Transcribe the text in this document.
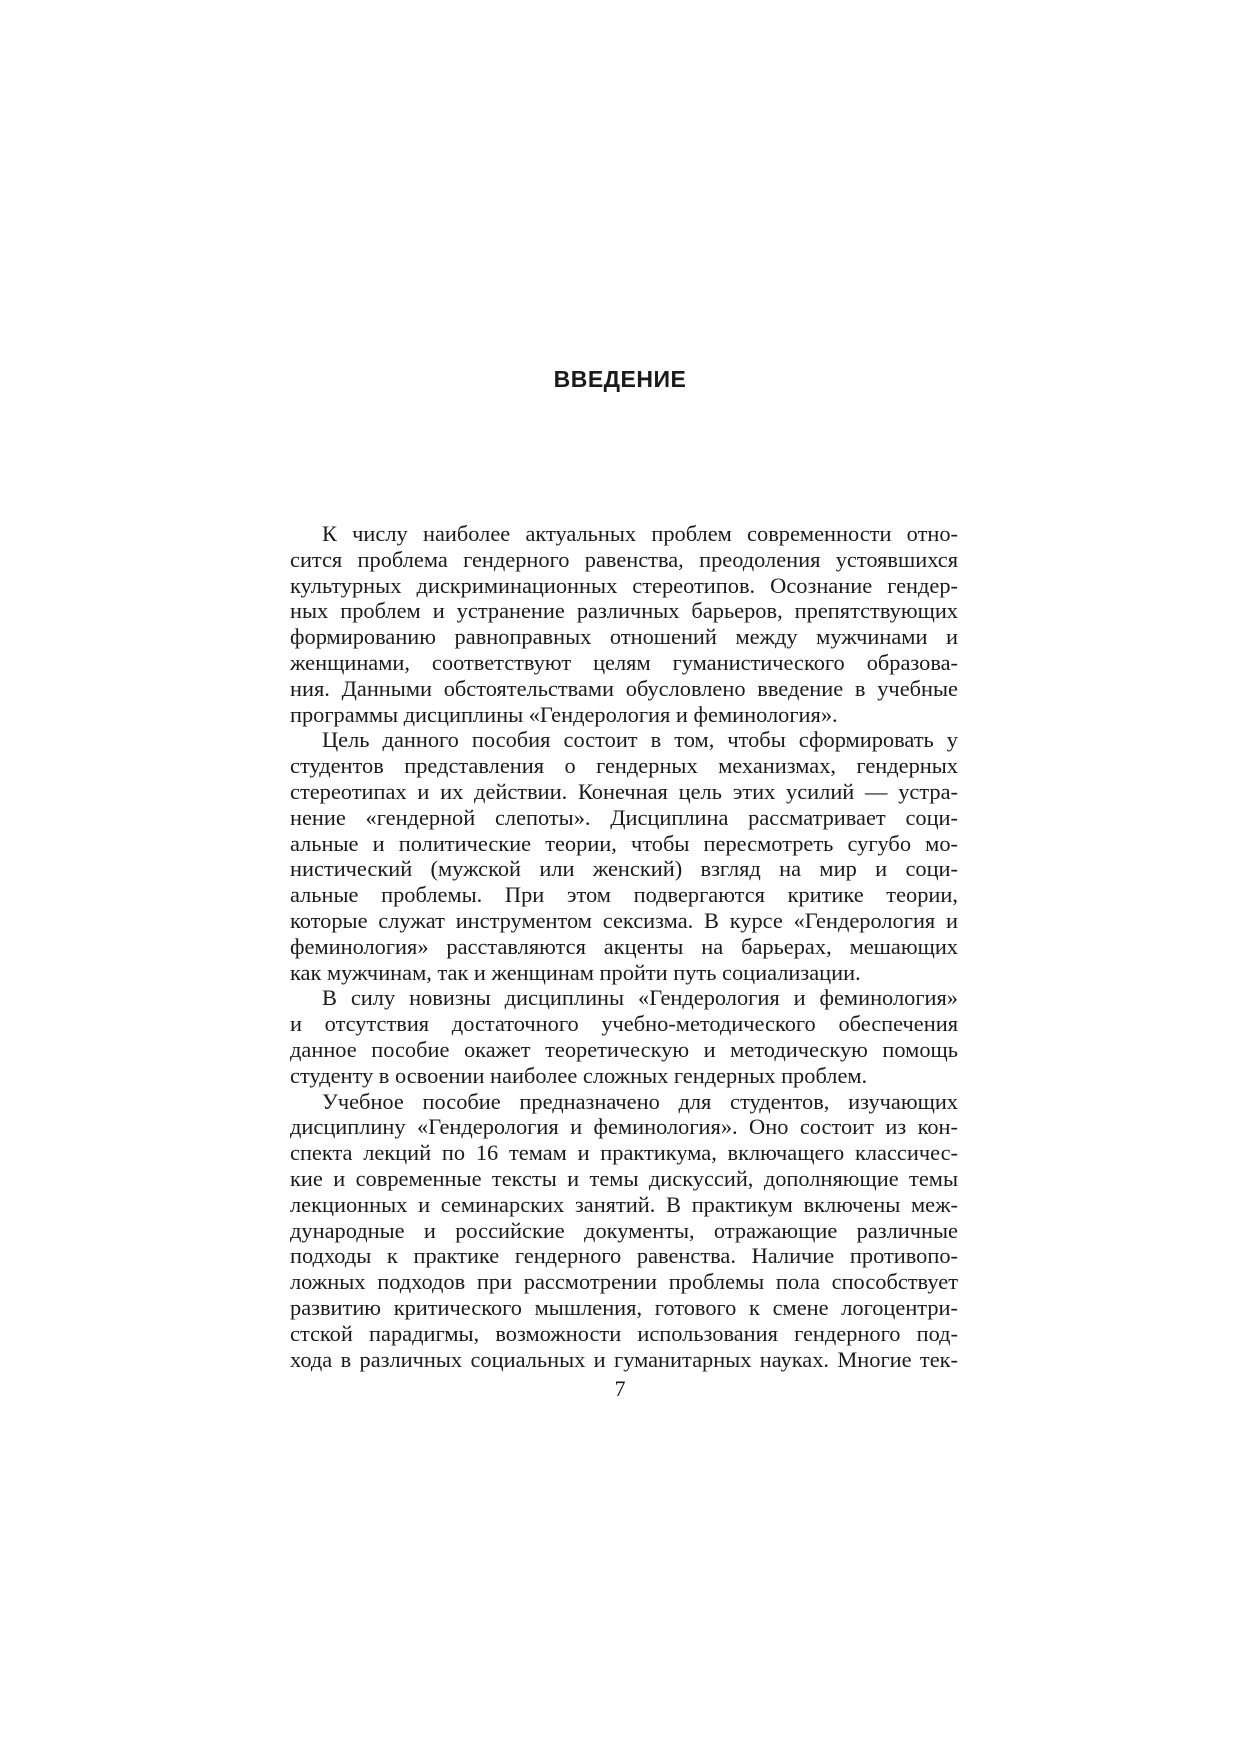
ВВЕДЕНИЕ
К числу наиболее актуальных проблем современности отно-
сится проблема гендерного равенства, преодоления устоявшихся
культурных дискриминационных стереотипов. Осознание гендер-
ных проблем и устранение различных барьеров, препятствующих
формированию равноправных отношений между мужчинами и
женщинами, соответствуют целям гуманистического образова-
ния. Данными обстоятельствами обусловлено введение в учебные
программы дисциплины «Гендерология и феминология».
Цель данного пособия состоит в том, чтобы сформировать у
студентов представления о гендерных механизмах, гендерных
стереотипах и их действии. Конечная цель этих усилий — устра-
нение «гендерной слепоты». Дисциплина рассматривает соци-
альные и политические теории, чтобы пересмотреть сугубо мо-
нистический (мужской или женский) взгляд на мир и соци-
альные проблемы. При этом подвергаются критике теории,
которые служат инструментом сексизма. В курсе «Гендерология и
феминология» расставляются акценты на барьерах, мешающих
как мужчинам, так и женщинам пройти путь социализации.
В силу новизны дисциплины «Гендерология и феминология»
и отсутствия достаточного учебно-методического обеспечения
данное пособие окажет теоретическую и методическую помощь
студенту в освоении наиболее сложных гендерных проблем.
Учебное пособие предназначено для студентов, изучающих
дисциплину «Гендерология и феминология». Оно состоит из кон-
спекта лекций по 16 темам и практикума, включащего классичес-
кие и современные тексты и темы дискуссий, дополняющие темы
лекционных и семинарских занятий. В практикум включены меж-
дународные и российские документы, отражающие различные
подходы к практике гендерного равенства. Наличие противопо-
ложных подходов при рассмотрении проблемы пола способствует
развитию критического мышления, готового к смене логоцентри-
стской парадигмы, возможности использования гендерного под-
хода в различных социальных и гуманитарных науках. Многие тек-
7
